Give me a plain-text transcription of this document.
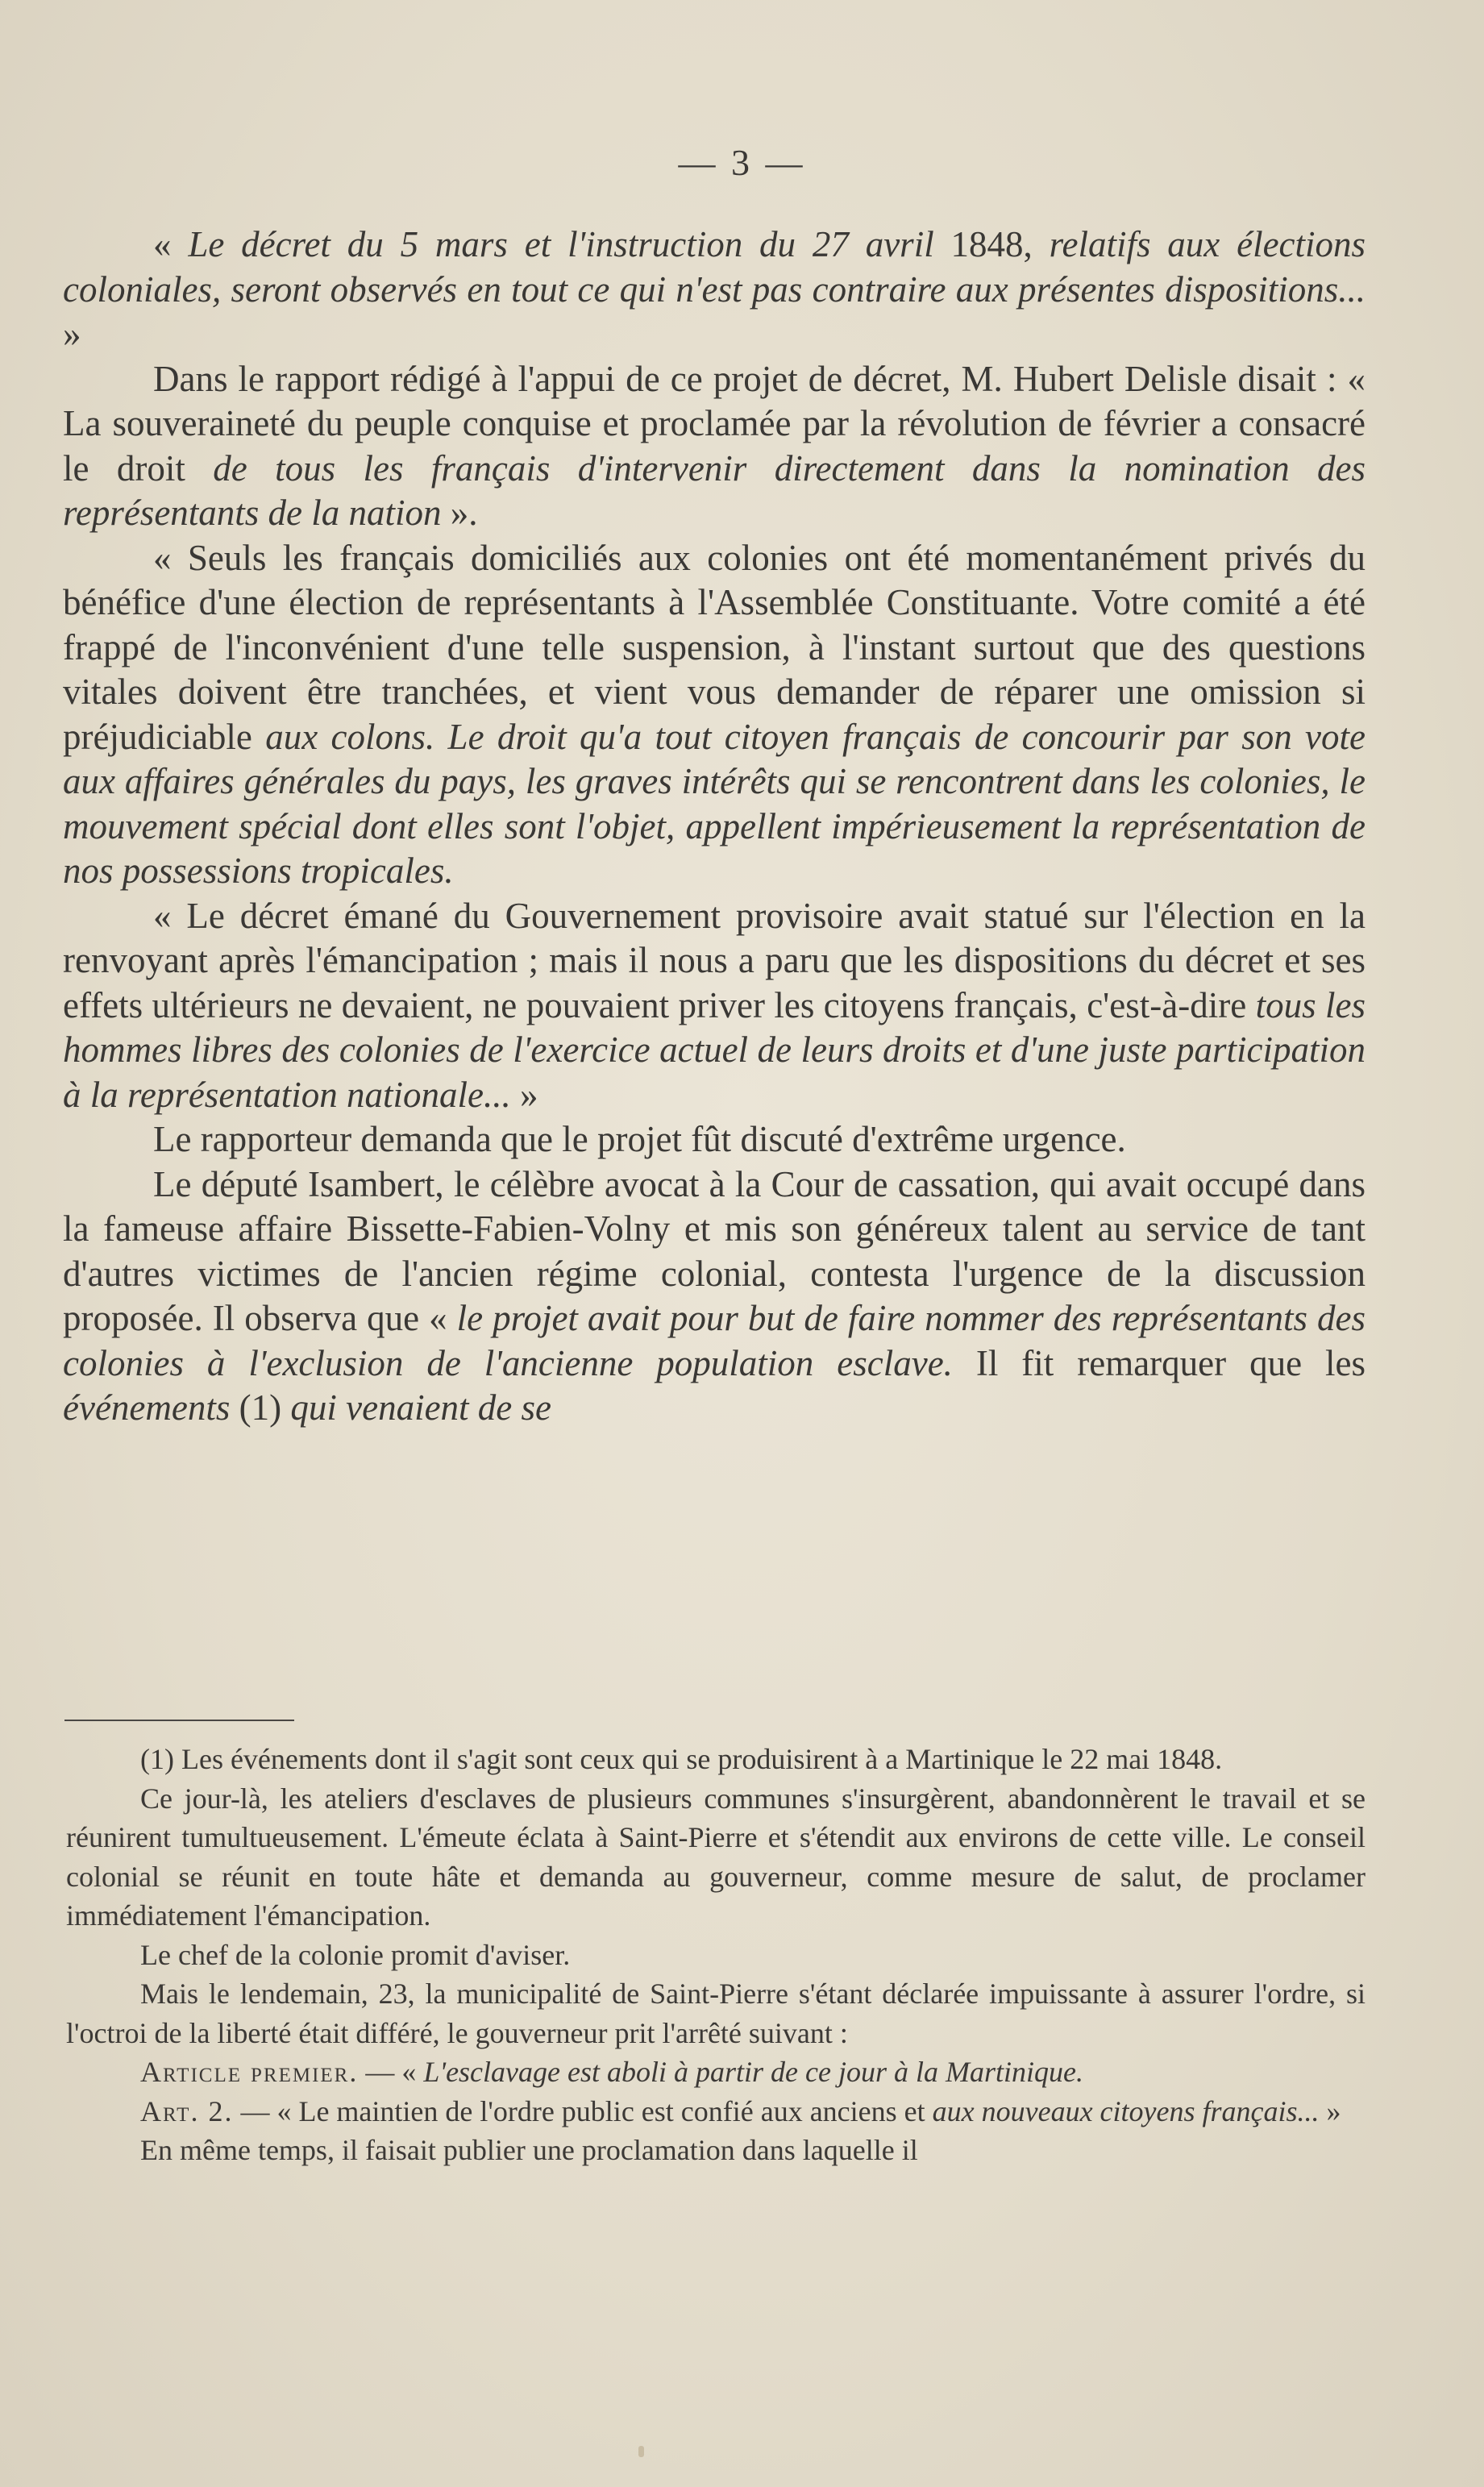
— 3 —

« Le décret du 5 mars et l'instruction du 27 avril 1848, relatifs aux élections coloniales, seront observés en tout ce qui n'est pas contraire aux présentes dispositions... »

Dans le rapport rédigé à l'appui de ce projet de décret, M. Hubert Delisle disait : « La souveraineté du peuple conquise et proclamée par la révolution de février a consacré le droit de tous les français d'intervenir directement dans la nomination des représentants de la nation ».

« Seuls les français domiciliés aux colonies ont été momentanément privés du bénéfice d'une élection de représentants à l'Assemblée Constituante. Votre comité a été frappé de l'inconvénient d'une telle suspension, à l'instant surtout que des questions vitales doivent être tranchées, et vient vous demander de réparer une omission si préjudiciable aux colons. Le droit qu'a tout citoyen français de concourir par son vote aux affaires générales du pays, les graves intérêts qui se rencontrent dans les colonies, le mouvement spécial dont elles sont l'objet, appellent impérieusement la représentation de nos possessions tropicales.

« Le décret émané du Gouvernement provisoire avait statué sur l'élection en la renvoyant après l'émancipation ; mais il nous a paru que les dispositions du décret et ses effets ultérieurs ne devaient, ne pouvaient priver les citoyens français, c'est-à-dire tous les hommes libres des colonies de l'exercice actuel de leurs droits et d'une juste participation à la représentation nationale... »

Le rapporteur demanda que le projet fût discuté d'extrême urgence.

Le député Isambert, le célèbre avocat à la Cour de cassation, qui avait occupé dans la fameuse affaire Bissette-Fabien-Volny et mis son généreux talent au service de tant d'autres victimes de l'ancien régime colonial, contesta l'urgence de la discussion proposée. Il observa que « le projet avait pour but de faire nommer des représentants des colonies à l'exclusion de l'ancienne population esclave. Il fit remarquer que les événements (1) qui venaient de se

(1) Les événements dont il s'agit sont ceux qui se produisirent à a Martinique le 22 mai 1848.

Ce jour-là, les ateliers d'esclaves de plusieurs communes s'insurgèrent, abandonnèrent le travail et se réunirent tumultueusement. L'émeute éclata à Saint-Pierre et s'étendit aux environs de cette ville. Le conseil colonial se réunit en toute hâte et demanda au gouverneur, comme mesure de salut, de proclamer immédiatement l'émancipation.

Le chef de la colonie promit d'aviser.

Mais le lendemain, 23, la municipalité de Saint-Pierre s'étant déclarée impuissante à assurer l'ordre, si l'octroi de la liberté était différé, le gouverneur prit l'arrêté suivant :

Article premier. — « L'esclavage est aboli à partir de ce jour à la Martinique.

Art. 2. — « Le maintien de l'ordre public est confié aux anciens et aux nouveaux citoyens français... »

En même temps, il faisait publier une proclamation dans laquelle il
